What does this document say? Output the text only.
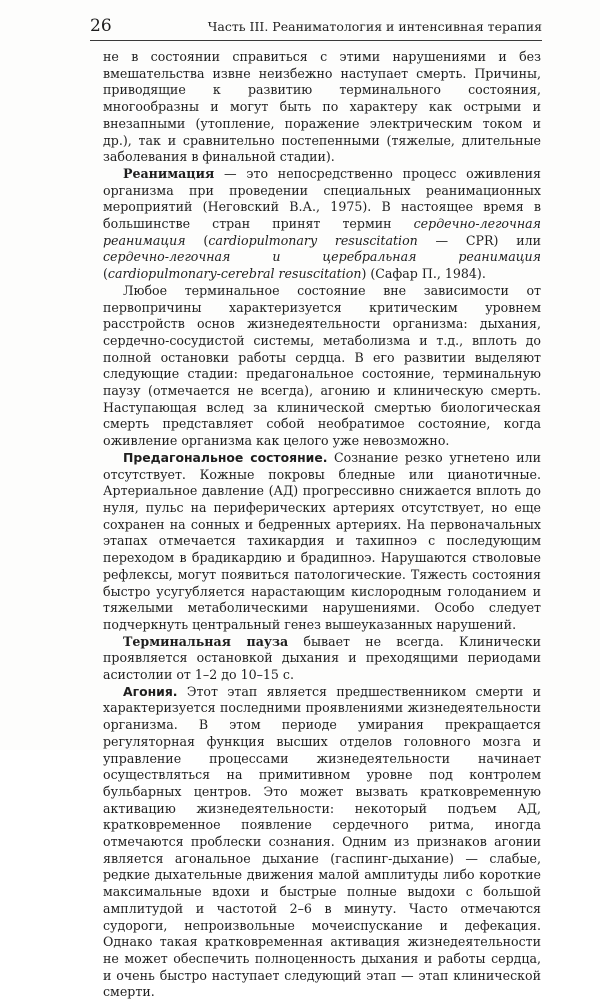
26	Часть III. Реаниматология и интенсивная терапия

не в состоянии справиться с этими нарушениями и без вмешательства извне неизбежно наступает смерть. Причины, приводящие к развитию терминального состояния, многообразны и могут быть по характеру как острыми и внезапными (утопление, поражение электрическим током и др.), так и сравнительно постепенными (тяжелые, длительные заболевания в финальной стадии).

Реанимация — это непосредственно процесс оживления организма при проведении специальных реанимационных мероприятий (Неговский В.А., 1975). В настоящее время в большинстве стран принят термин сердечно-легочная реанимация (cardiopulmonary resuscitation — CPR) или сердечно-легочная и церебральная реанимация (cardiopulmonary-cerebral resuscitation) (Сафар П., 1984).

Любое терминальное состояние вне зависимости от первопричины характеризуется критическим уровнем расстройств основ жизнедеятельности организма: дыхания, сердечно-сосудистой системы, метаболизма и т.д., вплоть до полной остановки работы сердца. В его развитии выделяют следующие стадии: предагональное состояние, терминальную паузу (отмечается не всегда), агонию и клиническую смерть. Наступающая вслед за клинической смертью биологическая смерть представляет собой необратимое состояние, когда оживление организма как целого уже невозможно.

Предагональное состояние. Сознание резко угнетено или отсутствует. Кожные покровы бледные или цианотичные. Артериальное давление (АД) прогрессивно снижается вплоть до нуля, пульс на периферических артериях отсутствует, но еще сохранен на сонных и бедренных артериях. На первоначальных этапах отмечается тахикардия и тахипноэ с последующим переходом в брадикардию и брадипноэ. Нарушаются стволовые рефлексы, могут появиться патологические. Тяжесть состояния быстро усугубляется нарастающим кислородным голоданием и тяжелыми метаболическими нарушениями. Особо следует подчеркнуть центральный генез вышеуказанных нарушений.

Терминальная пауза бывает не всегда. Клинически проявляется остановкой дыхания и преходящими периодами асистолии от 1–2 до 10–15 с.

Агония. Этот этап является предшественником смерти и характеризуется последними проявлениями жизнедеятельности организма. В этом периоде умирания прекращается регуляторная функция высших отделов головного мозга и управление процессами жизнедеятельности начинает осуществляться на примитивном уровне под контролем бульбарных центров. Это может вызвать кратковременную активацию жизнедеятельности: некоторый подъем АД, кратковременное появление сердечного ритма, иногда отмечаются проблески сознания. Одним из признаков агонии является агональное дыхание (гаспинг-дыхание) — слабые, редкие дыхательные движения малой амплитуды либо короткие максимальные вдохи и быстрые полные выдохи с большой амплитудой и частотой 2–6 в минуту. Часто отмечаются судороги, непроизвольные мочеиспускание и дефекация. Однако такая кратковременная активация жизнедеятельности не может обеспечить полноценность дыхания и работы сердца, и очень быстро наступает следующий этап — этап клинической смерти.
